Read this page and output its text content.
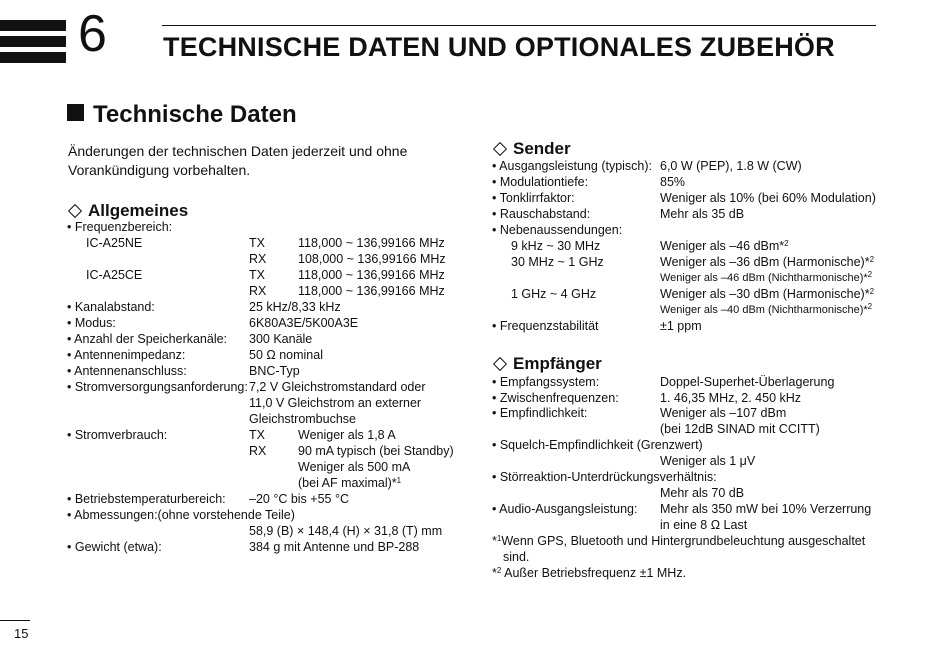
6 TECHNISCHE DATEN UND OPTIONALES ZUBEHÖR
Technische Daten
Änderungen der technischen Daten jederzeit und ohne
Vorankündigung vorbehalten.
Allgemeines
• Frequenzbereich:
IC-A25NE	TX	118,000 ~ 136,99166 MHz
RX	108,000 ~ 136,99166 MHz
IC-A25CE	TX	118,000 ~ 136,99166 MHz
RX	118,000 ~ 136,99166 MHz
• Kanalabstand:	25 kHz/8,33 kHz
• Modus:	6K80A3E/5K00A3E
• Anzahl der Speicherkanäle: 300 Kanäle
• Antennenimpedanz:	50 Ω nominal
• Antennenanschluss:	BNC-Typ
• Stromversorgungsanforderung: 7,2 V Gleichstromstandard oder
11,0 V Gleichstrom an externer
Gleichstrombuchse
• Stromverbrauch:	TX	Weniger als 1,8 A
RX	90 mA typisch (bei Standby)
Weniger als 500 mA
(bei AF maximal)*$^1$
• Betriebstemperaturbereich: –20 °C bis +55 °C
• Abmessungen:(ohne vorstehende Teile)
58,9 (B) × 148,4 (H) × 31,8 (T) mm
• Gewicht (etwa):	384 g mit Antenne und BP-288
Sender
• Ausgangsleistung (typisch): 6,0 W (PEP), 1.8 W (CW)
• Modulationtiefe:	85%
• Tonklirrfaktor:	Weniger als 10% (bei 60% Modulation)
• Rauschabstand:	Mehr als 35 dB
• Nebenaussendungen:
9 kHz ~ 30 MHz	Weniger als –46 dBm*$^2$
30 MHz ~ 1 GHz	Weniger als –36 dBm (Harmonische)*$^2$
Weniger als –46 dBm (Nichtharmonische)*$^2$
1 GHz ~ 4 GHz	Weniger als –30 dBm (Harmonische)*$^2$
Weniger als –40 dBm (Nichtharmonische)*$^2$
• Frequenzstabilität	±1 ppm
Empfänger
• Empfangssystem:	Doppel-Superhet-Überlagerung
• Zwischenfrequenzen:	1. 46,35 MHz, 2. 450 kHz
• Empfindlichkeit:	Weniger als –107 dBm
(bei 12dB SINAD mit CCITT)
• Squelch-Empfindlichkeit (Grenzwert)
Weniger als 1 μV
• Störreaktion-Unterdrückungsverhältnis:
Mehr als 70 dB
• Audio-Ausgangsleistung: Mehr als 350 mW bei 10% Verzerrung
in eine 8 Ω Last
*$^1$Wenn GPS, Bluetooth und Hintergrundbeleuchtung ausgeschaltet
sind.
*$^2$ Außer Betriebsfrequenz ±1 MHz.
15
